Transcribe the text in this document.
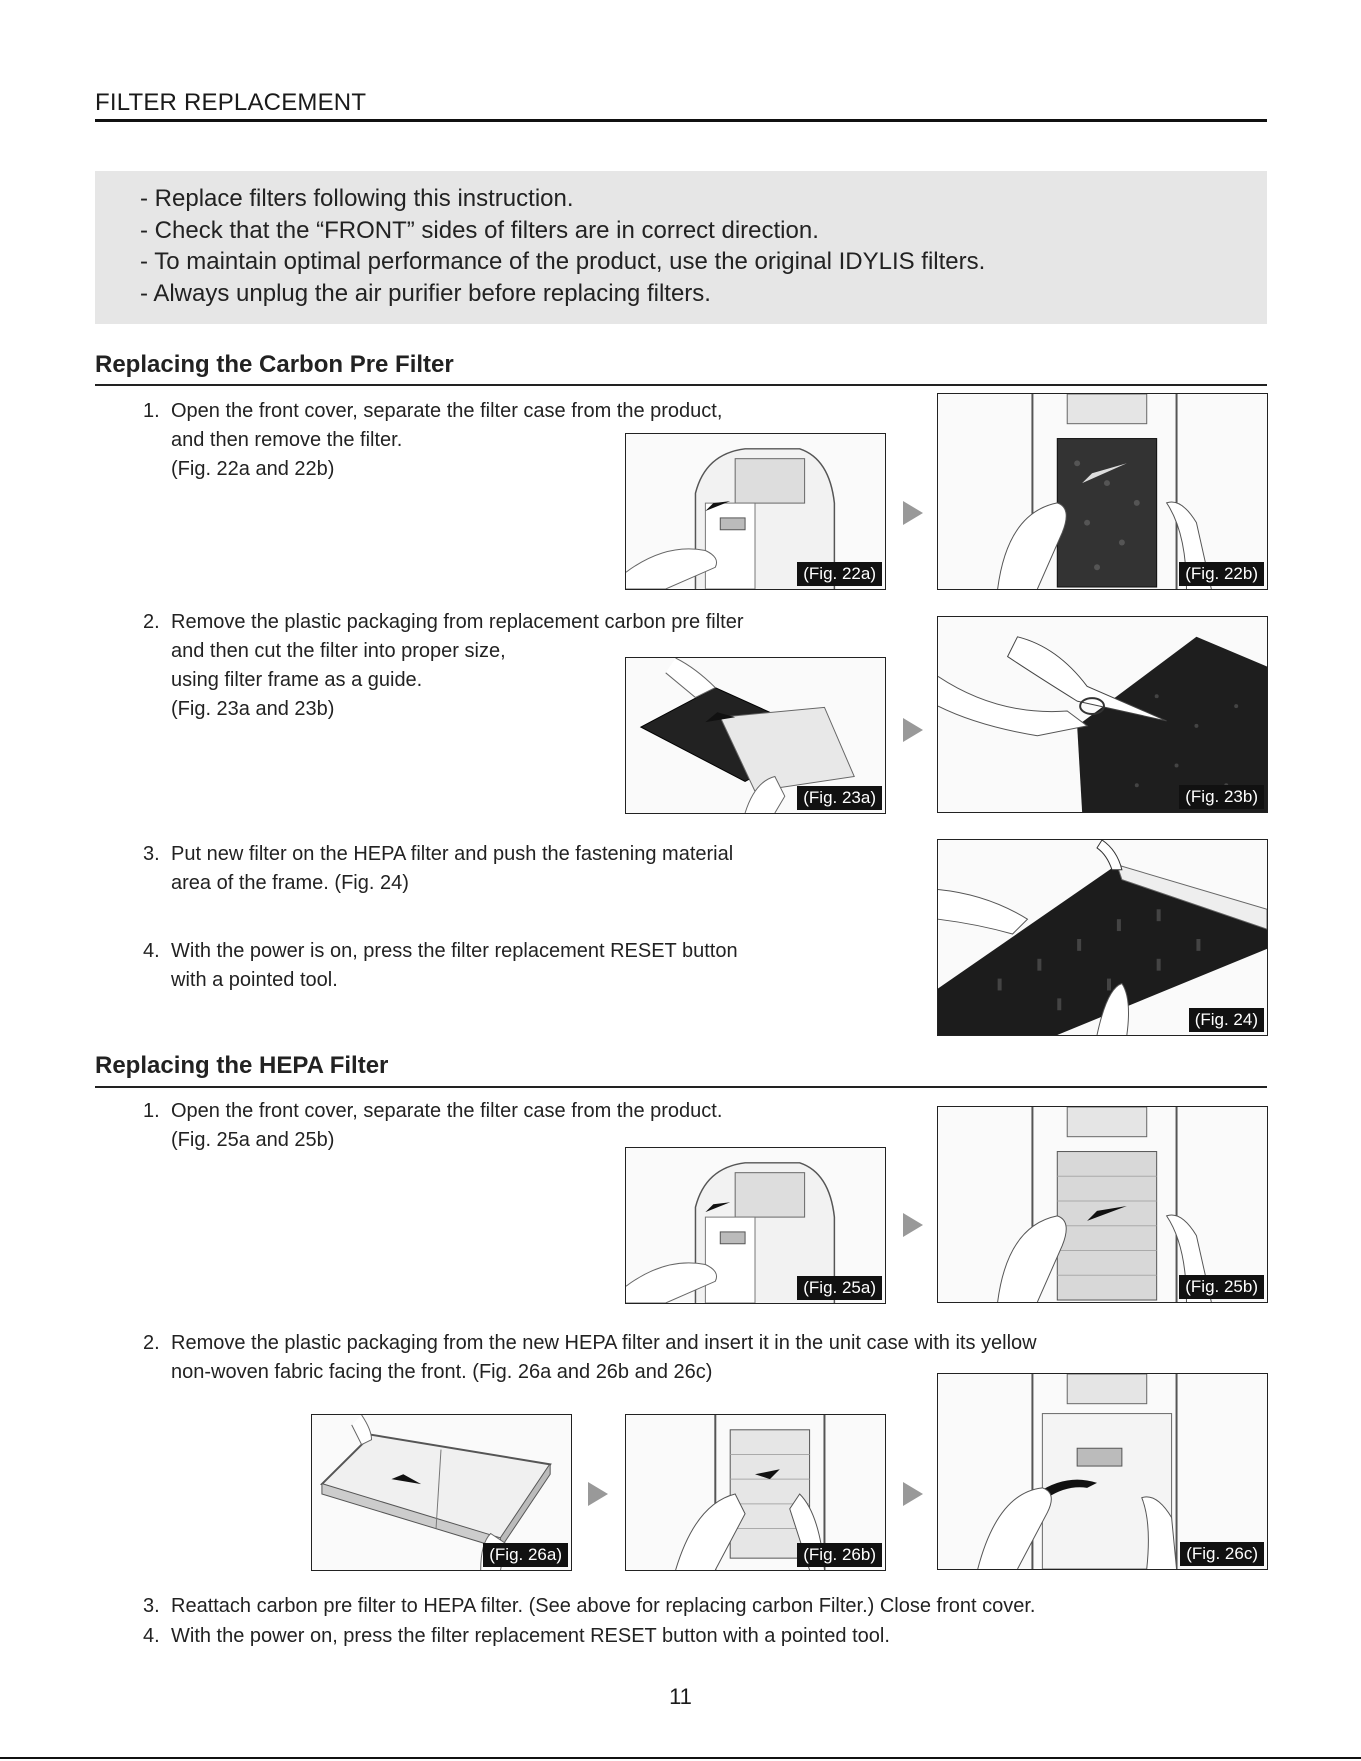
FILTER REPLACEMENT
- Replace filters following this instruction.
- Check that the “FRONT” sides of filters are in correct direction.
- To maintain optimal performance of the product, use the original IDYLIS filters.
- Always unplug the air purifier before replacing filters.
Replacing the Carbon Pre Filter
1. Open the front cover, separate the filter case from the product,
and then remove the filter.
(Fig. 22a and 22b)
(Fig. 22a)	(Fig. 22b)
2. Remove the plastic packaging from replacement carbon pre filter
and then cut the filter into proper size,
using filter frame as a guide.
(Fig. 23a and 23b)
(Fig. 23a)	(Fig. 23b)
3. Put new filter on the HEPA filter and push the fastening material
area of the frame. (Fig. 24)
4. With the power is on, press the filter replacement RESET button
with a pointed tool.
(Fig. 24)
Replacing the HEPA Filter
1. Open the front cover, separate the filter case from the product.
(Fig. 25a and 25b)
(Fig. 25a)	(Fig. 25b)
2. Remove the plastic packaging from the new HEPA filter and insert it in the unit case with its yellow
non-woven fabric facing the front. (Fig. 26a and 26b and 26c)
(Fig. 26a)	(Fig. 26b)	(Fig. 26c)
3. Reattach carbon pre filter to HEPA filter. (See above for replacing carbon Filter.) Close front cover.
4. With the power on, press the filter replacement RESET button with a pointed tool.
11
